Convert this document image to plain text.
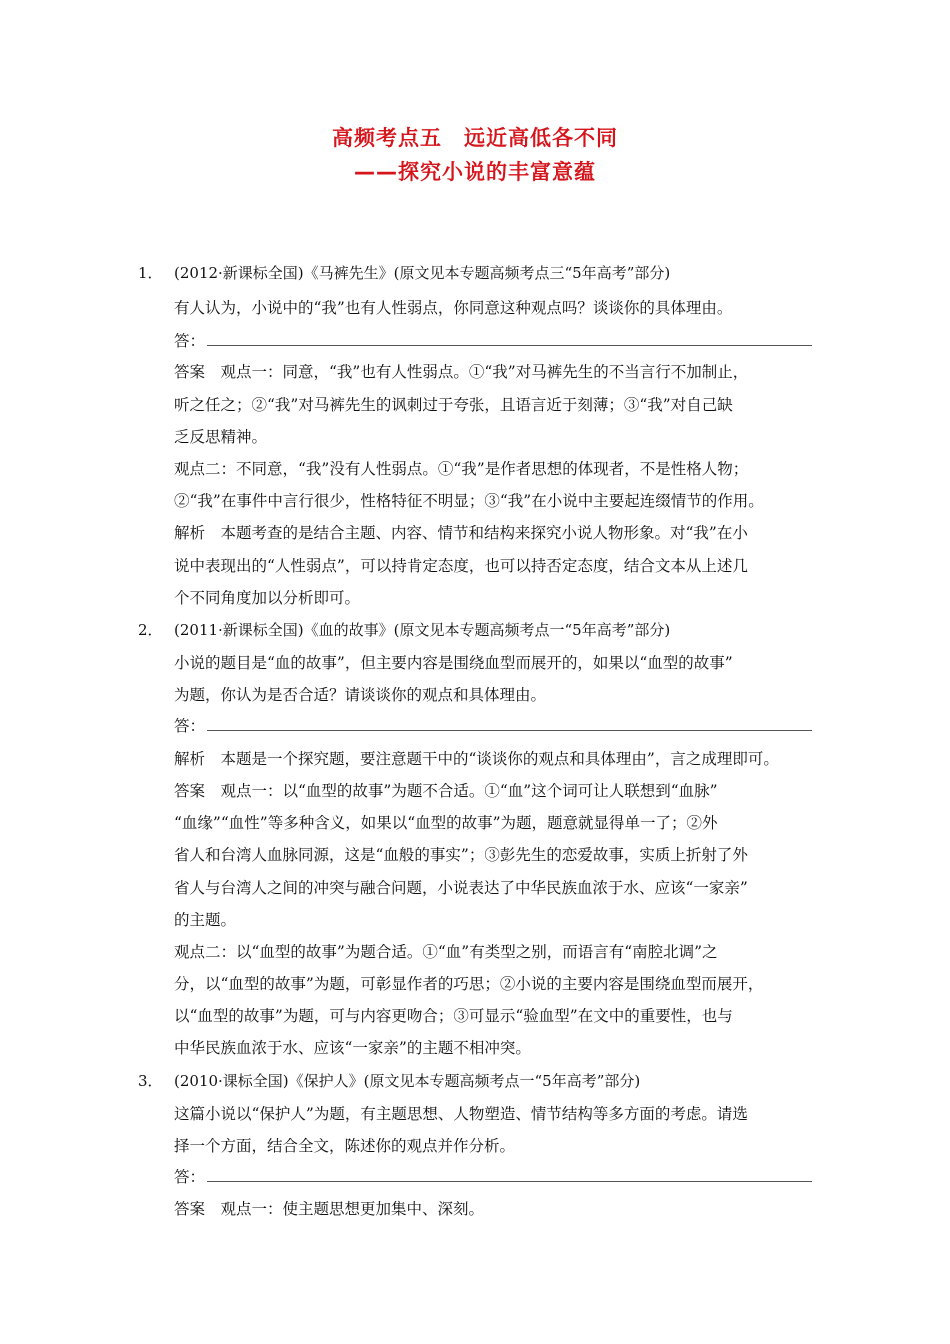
高频考点五　远近高低各不同
——探究小说的丰富意蕴
1． (2012·新课标全国)《马裤先生》(原文见本专题高频考点三“5年高考”部分)
有人认为，小说中的“我”也有人性弱点，你同意这种观点吗？谈谈你的具体理由。
答：
答案　观点一：同意，“我”也有人性弱点。①“我”对马裤先生的不当言行不加制止，
听之任之；②“我”对马裤先生的讽刺过于夸张，且语言近于刻薄；③“我”对自己缺
乏反思精神。
观点二：不同意，“我”没有人性弱点。①“我”是作者思想的体现者，不是性格人物；
②“我”在事件中言行很少，性格特征不明显；③“我”在小说中主要起连缀情节的作用。
解析　本题考查的是结合主题、内容、情节和结构来探究小说人物形象。对“我”在小
说中表现出的“人性弱点”，可以持肯定态度，也可以持否定态度，结合文本从上述几
个不同角度加以分析即可。
2． (2011·新课标全国)《血的故事》(原文见本专题高频考点一“5年高考”部分)
小说的题目是“血的故事”，但主要内容是围绕血型而展开的，如果以“血型的故事”
为题，你认为是否合适？请谈谈你的观点和具体理由。
答：
解析　本题是一个探究题，要注意题干中的“谈谈你的观点和具体理由”，言之成理即可。
答案　观点一：以“血型的故事”为题不合适。①“血”这个词可让人联想到“血脉”
“血缘”“血性”等多种含义，如果以“血型的故事”为题，题意就显得单一了；②外
省人和台湾人血脉同源，这是“血般的事实”；③彭先生的恋爱故事，实质上折射了外
省人与台湾人之间的冲突与融合问题，小说表达了中华民族血浓于水、应该“一家亲”
的主题。
观点二：以“血型的故事”为题合适。①“血”有类型之别，而语言有“南腔北调”之
分，以“血型的故事”为题，可彰显作者的巧思；②小说的主要内容是围绕血型而展开，
以“血型的故事”为题，可与内容更吻合；③可显示“验血型”在文中的重要性，也与
中华民族血浓于水、应该“一家亲”的主题不相冲突。
3． (2010·课标全国)《保护人》(原文见本专题高频考点一“5年高考”部分)
这篇小说以“保护人”为题，有主题思想、人物塑造、情节结构等多方面的考虑。请选
择一个方面，结合全文，陈述你的观点并作分析。
答：
答案　观点一：使主题思想更加集中、深刻。
